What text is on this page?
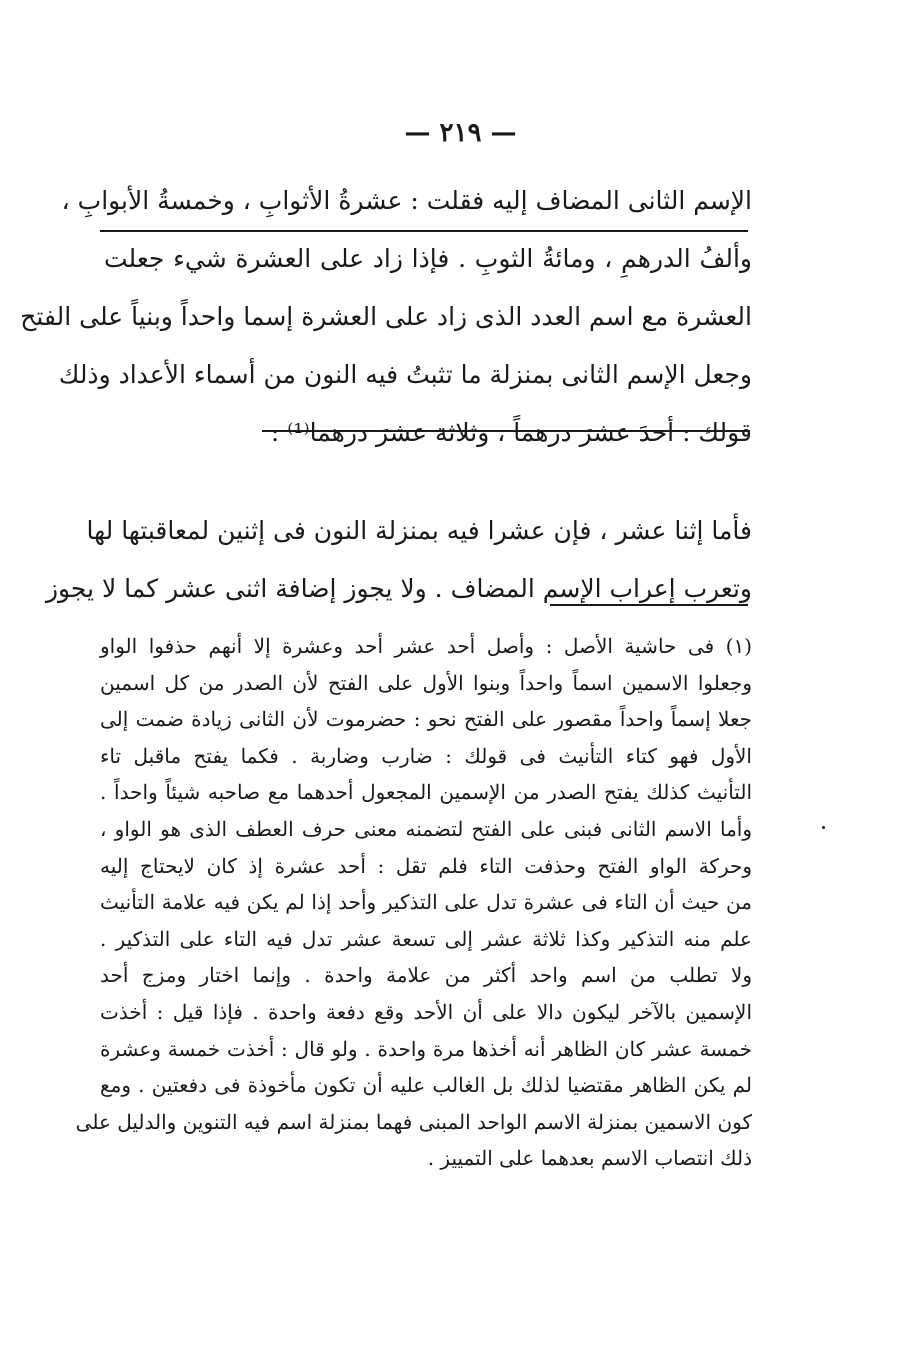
— ٢١٩ —
الإسم الثانى المضاف إليه فقلت : عشرةُ الأثوابِ ، وخمسةُ الأبوابِ ،
وألفُ الدرهمِ ، ومائةُ الثوبِ . فإذا زاد على العشرة شيء جعلت
العشرة مع اسم العدد الذى زاد على العشرة إسما واحداً وبنياً على الفتح
وجعل الإسم الثانى بمنزلة ما تثبتُ فيه النون من أسماء الأعداد وذلك
قولك : أحدَ عشرَ درهماً ، وثلاثة عشرَ درهما⁽¹⁾ :
فأما إثنا عشر ، فإن عشرا فيه بمنزلة النون فى إثنين لمعاقبتها لها
وتعرب إعراب الإسم المضاف . ولا يجوز إضافة اثنى عشر كما لا يجوز
(١) فى حاشية الأصل : وأصل أحد عشر أحد وعشرة إلا أنهم حذفوا الواو
وجعلوا الاسمين اسماً واحداً وبنوا الأول على الفتح لأن الصدر من كل اسمين
جعلا إسماً واحداً مقصور على الفتح نحو : حضرموت لأن الثانى زيادة ضمت إلى
الأول فهو كتاء التأنيث فى قولك : ضارب وضاربة . فكما يفتح ماقبل تاء
التأنيث كذلك يفتح الصدر من الإسمين المجعول أحدهما مع صاحبه شيئاً واحداً .
وأما الاسم الثانى فبنى على الفتح لتضمنه معنى حرف العطف الذى هو الواو ،
وحركة الواو الفتح وحذفت التاء فلم تقل : أحد عشرة إذ كان لايحتاج إليه
من حيث أن التاء فى عشرة تدل على التذكير وأحد إذا لم يكن فيه علامة التأنيث
علم منه التذكير وكذا ثلاثة عشر إلى تسعة عشر تدل فيه التاء على التذكير .
ولا تطلب من اسم واحد أكثر من علامة واحدة . وإنما اختار ومزج أحد
الإسمين بالآخر ليكون دالا على أن الأحد وقع دفعة واحدة . فإذا قيل : أخذت
خمسة عشر كان الظاهر أنه أخذها مرة واحدة . ولو قال : أخذت خمسة وعشرة
لم يكن الظاهر مقتضيا لذلك بل الغالب عليه أن تكون مأخوذة فى دفعتين . ومع
كون الاسمين بمنزلة الاسم الواحد المبنى فهما بمنزلة اسم فيه التنوين والدليل على
ذلك انتصاب الاسم بعدهما على التمييز .
